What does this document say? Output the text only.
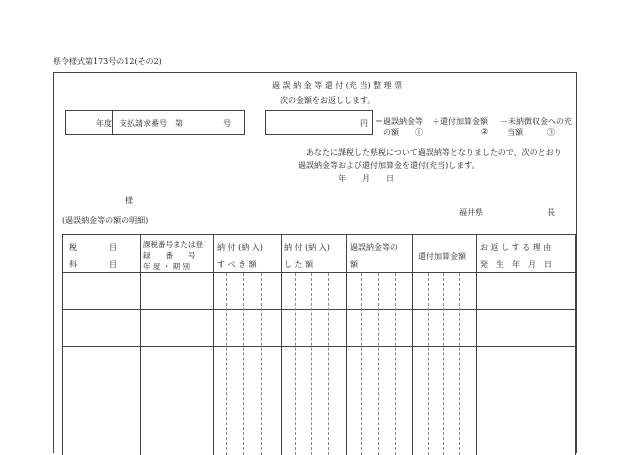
県令様式第173号の12(その2)
過 誤 納 金 等 還 付 (充 当) 整 理 票
次の金額をお返しします。
年度 支払請求番号　第　　　　　号	円 ＝過誤納金等
の額　　①
＋還付加算金額
②
－未納徴収金への充
当額　　　③
あなたに課税した県税について過誤納等となりましたので、次のとおり
過誤納金等および還付加算金を還付(充当)します。
年　　月　　日
様
福井県	長
(過誤納金等の額の明細)
税　　　　目
科　　　　目
課税番号または登
録　　番　　号
年 度 ・ 期 別
納 付 (納 入)
す べ き 額
納 付 (納 入)
し た 額
過誤納金等の
額
還付加算金額
お 返 し す る 理 由
発　生　年　月　日
